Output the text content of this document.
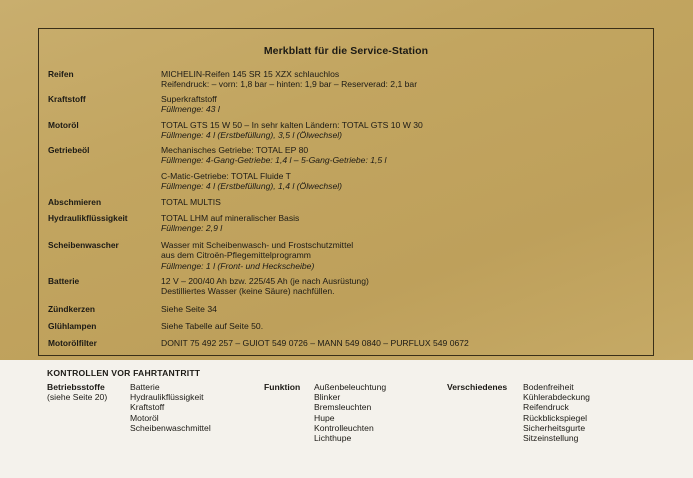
Merkblatt für die Service-Station
Reifen	MICHELIN-Reifen 145 SR 15 XZX schlauchlos
Reifendruck: – vorn: 1,8 bar – hinten: 1,9 bar – Reserverad: 2,1 bar
Kraftstoff	Superkraftstoff
Füllmenge: 43 l
Motoröl	TOTAL GTS 15 W 50 – In sehr kalten Ländern: TOTAL GTS 10 W 30
Füllmenge: 4 l (Erstbefüllung), 3,5 l (Ölwechsel)
Getriebeöl	Mechanisches Getriebe: TOTAL EP 80
Füllmenge: 4-Gang-Getriebe: 1,4 l – 5-Gang-Getriebe: 1,5 l
C-Matic-Getriebe: TOTAL Fluide T
Füllmenge: 4 l (Erstbefüllung), 1,4 l (Ölwechsel)
Abschmieren	TOTAL MULTIS
Hydraulikflüssigkeit	TOTAL LHM auf mineralischer Basis
Füllmenge: 2,9 l
Scheibenwascher	Wasser mit Scheibenwasch- und Frostschutzmittel
aus dem Citroën-Pflegemittelprogramm
Füllmenge: 1 l (Front- und Heckscheibe)
Batterie	12 V – 200/40 Ah bzw. 225/45 Ah (je nach Ausrüstung)
Destilliertes Wasser (keine Säure) nachfüllen.
Zündkerzen	Siehe Seite 34
Glühlampen	Siehe Tabelle auf Seite 50.
Motorölfilter	DONIT 75 492 257 – GUIOT 549 0726 – MANN 549 0840 – PURFLUX 549 0672
KONTROLLEN VOR FAHRTANTRITT
Betriebsstoffe
(siehe Seite 20)
Batterie
Hydraulikflüssigkeit
Kraftstoff
Motoröl
Scheibenwaschmittel
Funktion Außenbeleuchtung
Blinker
Bremsleuchten
Hupe
Kontrolleuchten
Lichthupe
Verschiedenes Bodenfreiheit
Kühlerabdeckung
Reifendruck
Rückblickspiegel
Sicherheitsgurte
Sitzeinstellung
